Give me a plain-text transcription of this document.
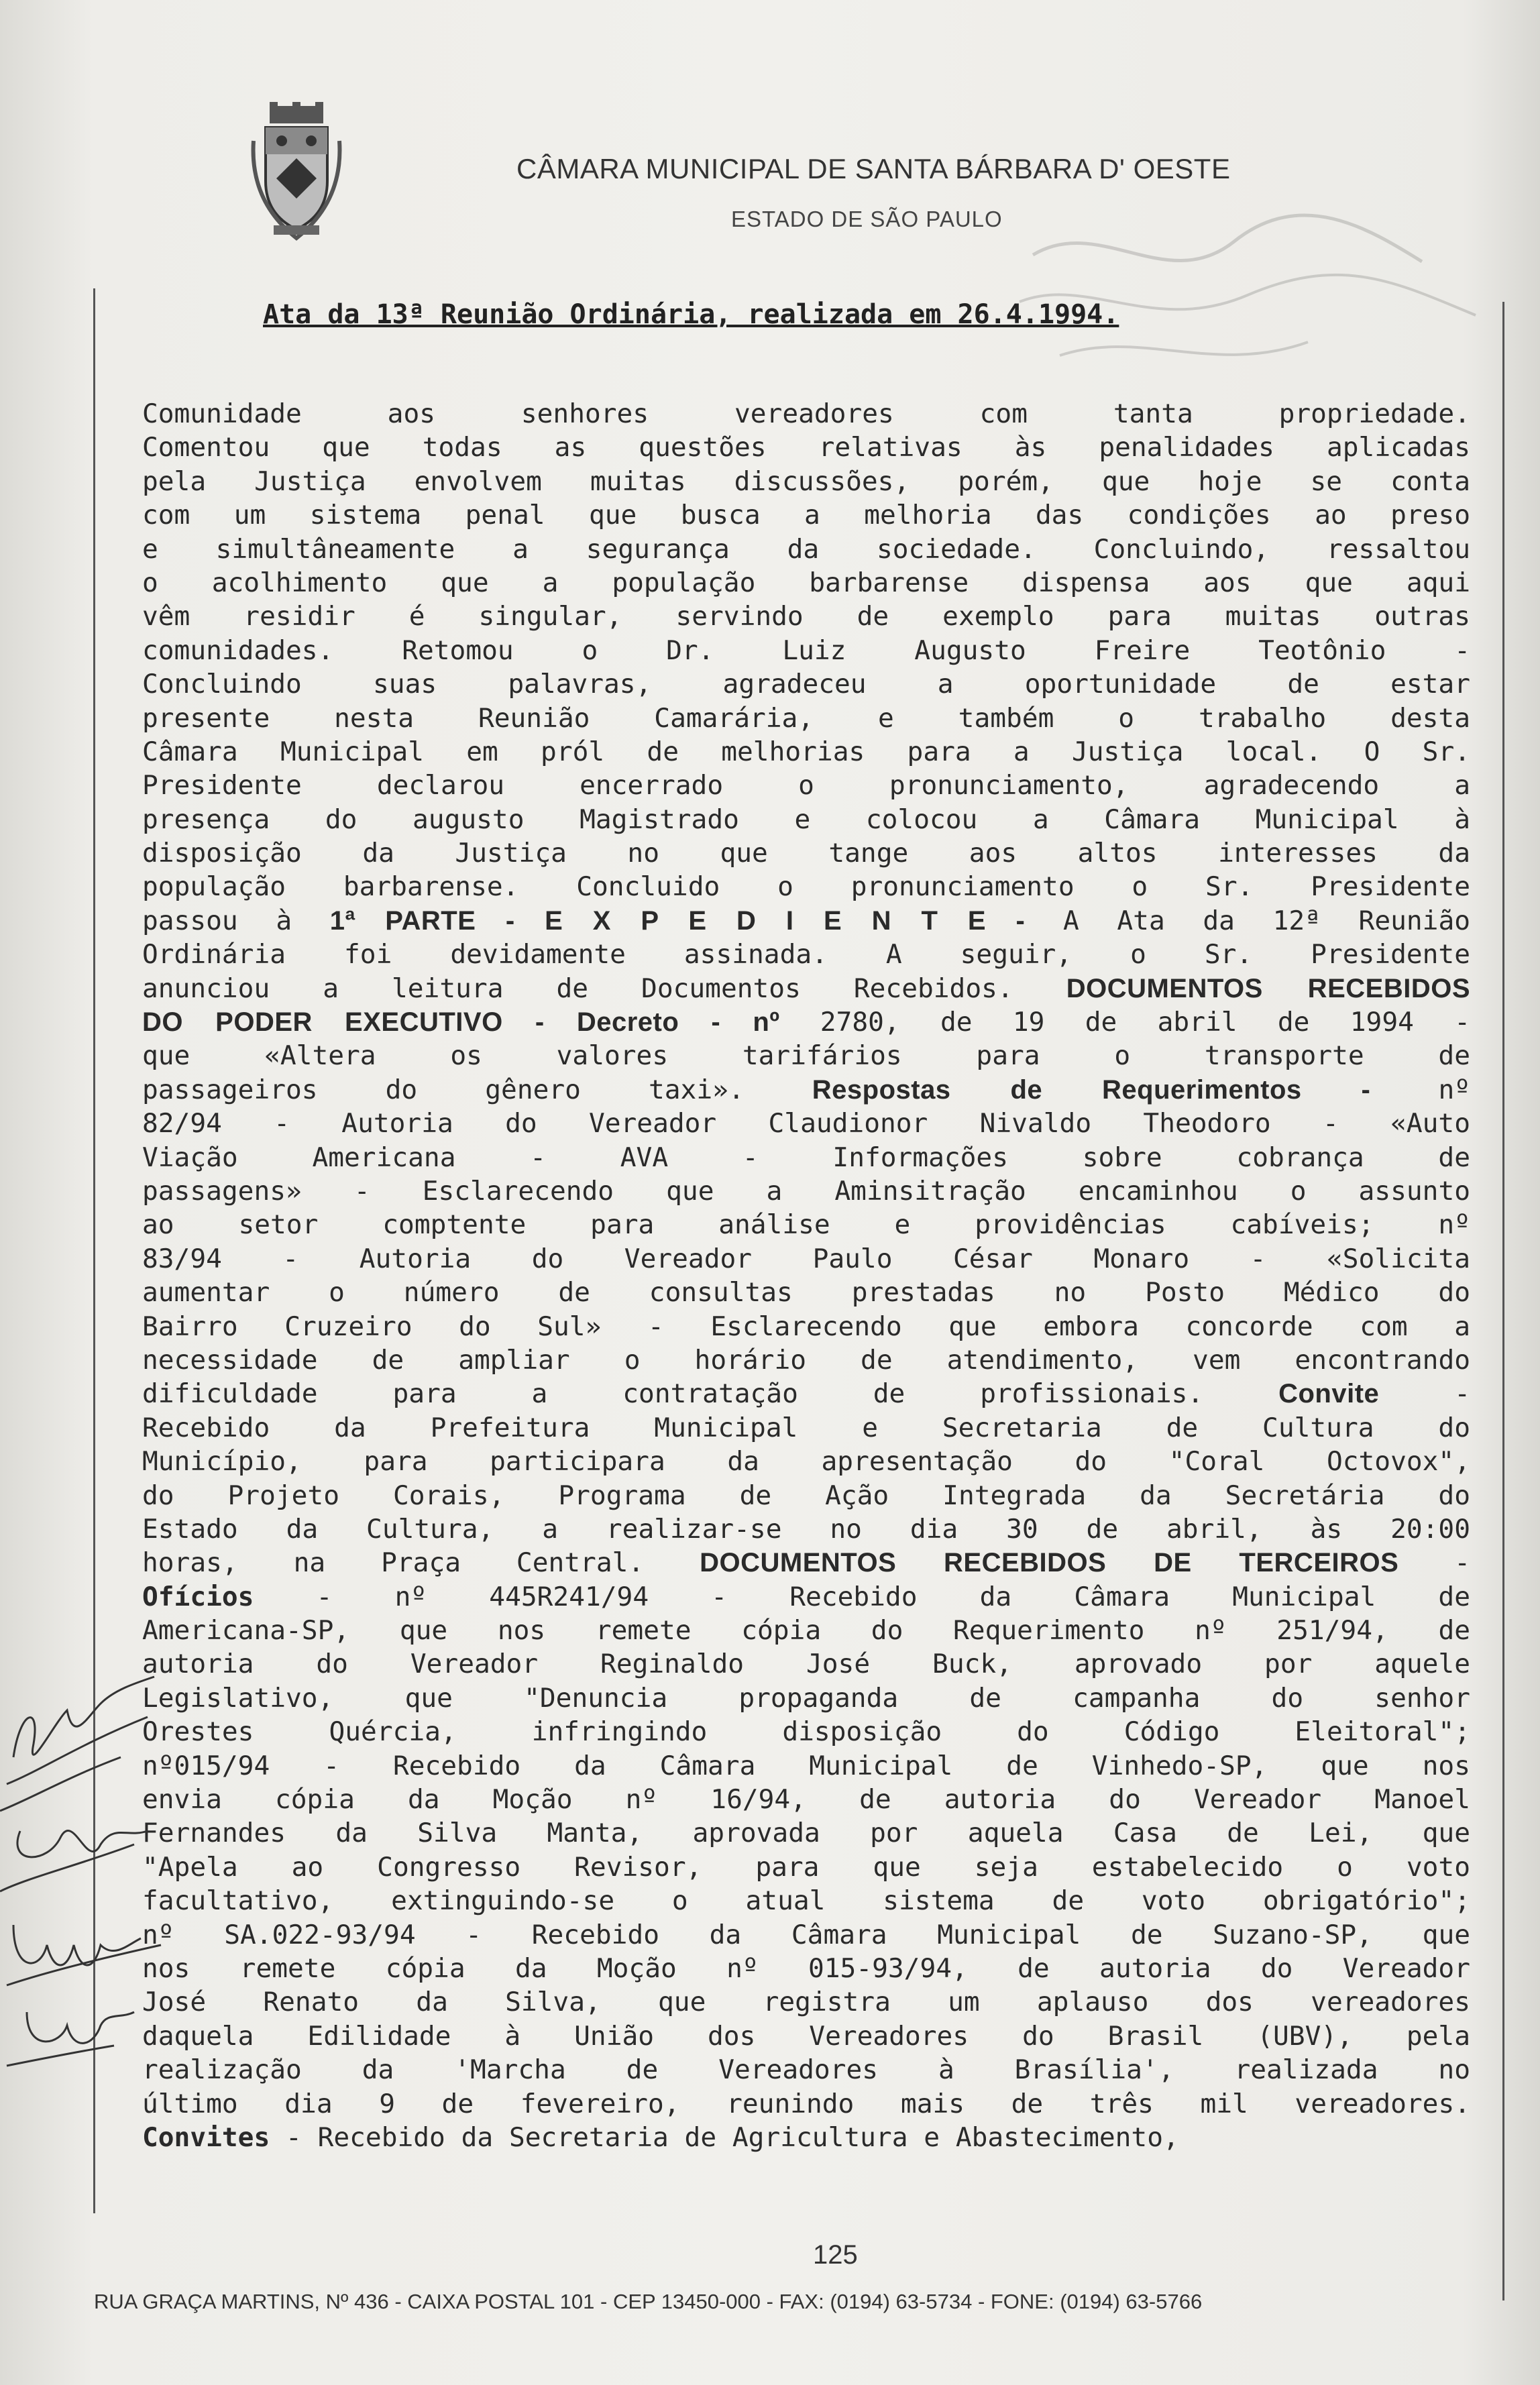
CÂMARA MUNICIPAL DE SANTA BÁRBARA D' OESTE
ESTADO DE SÃO PAULO
Ata da 13ª Reunião Ordinária, realizada em 26.4.1994.
Comunidade aos senhores vereadores com tanta propriedade.
Comentou que todas as questões relativas às penalidades aplicadas
pela Justiça envolvem muitas discussões, porém, que hoje se conta
com um sistema penal que busca a melhoria das condições ao preso
e simultâneamente a segurança da sociedade. Concluindo, ressaltou
o acolhimento que a população barbarense dispensa aos que aqui
vêm residir é singular, servindo de exemplo para muitas outras
comunidades. Retomou o Dr. Luiz Augusto Freire Teotônio -
Concluindo suas palavras, agradeceu a oportunidade de estar
presente nesta Reunião Camarária, e também o trabalho desta
Câmara Municipal em pról de melhorias para a Justiça local. O Sr.
Presidente declarou encerrado o pronunciamento, agradecendo a
presença do augusto Magistrado e colocou a Câmara Municipal à
disposição da Justiça no que tange aos altos interesses da
população barbarense. Concluido o pronunciamento o Sr. Presidente
passou à 1ª PARTE - E X P E D I E N T E - A Ata da 12ª Reunião
Ordinária foi devidamente assinada. A seguir, o Sr. Presidente
anunciou a leitura de Documentos Recebidos. DOCUMENTOS RECEBIDOS
DO PODER EXECUTIVO - Decreto - nº 2780, de 19 de abril de 1994 -
que «Altera os valores tarifários para o transporte de
passageiros do gênero taxi». Respostas de Requerimentos - nº
82/94 - Autoria do Vereador Claudionor Nivaldo Theodoro - «Auto
Viação Americana - AVA - Informações sobre cobrança de
passagens» - Esclarecendo que a Aminsitração encaminhou o assunto
ao setor comptente para análise e providências cabíveis; nº
83/94 - Autoria do Vereador Paulo César Monaro - «Solicita
aumentar o número de consultas prestadas no Posto Médico do
Bairro Cruzeiro do Sul» - Esclarecendo que embora concorde com a
necessidade de ampliar o horário de atendimento, vem encontrando
dificuldade para a contratação de profissionais. Convite -
Recebido da Prefeitura Municipal e Secretaria de Cultura do
Município, para participara da apresentação do "Coral Octovox",
do Projeto Corais, Programa de Ação Integrada da Secretária do
Estado da Cultura, a realizar-se no dia 30 de abril, às 20:00
horas, na Praça Central. DOCUMENTOS RECEBIDOS DE TERCEIROS -
Ofícios - nº 445R241/94 - Recebido da Câmara Municipal de
Americana-SP, que nos remete cópia do Requerimento nº 251/94, de
autoria do Vereador Reginaldo José Buck, aprovado por aquele
Legislativo, que "Denuncia propaganda de campanha do senhor
Orestes Quércia, infringindo disposição do Código Eleitoral";
nº015/94 - Recebido da Câmara Municipal de Vinhedo-SP, que nos
envia cópia da Moção nº 16/94, de autoria do Vereador Manoel
Fernandes da Silva Manta, aprovada por aquela Casa de Lei, que
"Apela ao Congresso Revisor, para que seja estabelecido o voto
facultativo, extinguindo-se o atual sistema de voto obrigatório";
nº SA.022-93/94 - Recebido da Câmara Municipal de Suzano-SP, que
nos remete cópia da Moção nº 015-93/94, de autoria do Vereador
José Renato da Silva, que registra um aplauso dos vereadores
daquela Edilidade à União dos Vereadores do Brasil (UBV), pela
realização da 'Marcha de Vereadores à Brasília', realizada no
último dia 9 de fevereiro, reunindo mais de três mil vereadores.
Convites - Recebido da Secretaria de Agricultura e Abastecimento,
125
RUA GRAÇA MARTINS, Nº 436 - CAIXA POSTAL 101 - CEP 13450-000 - FAX: (0194) 63-5734 - FONE: (0194) 63-5766
